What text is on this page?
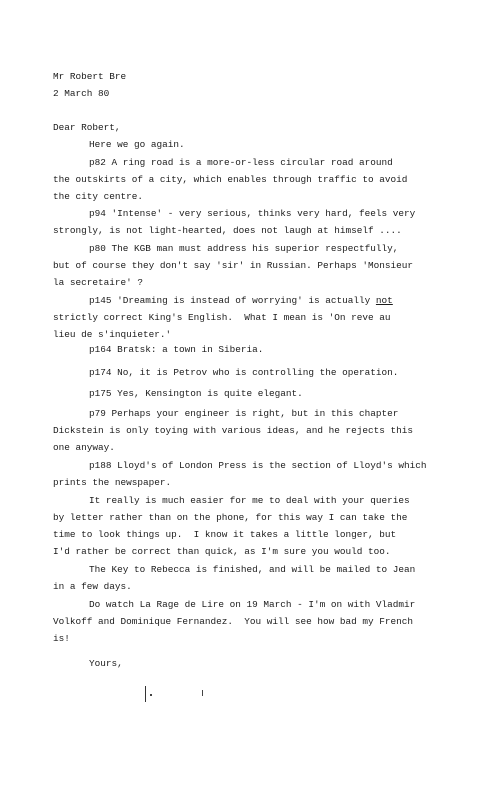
Mr Robert Bre
2 March 80
Dear Robert,
Here we go again.
p82 A ring road is a more-or-less circular road around
the outskirts of a city, which enables through traffic to avoid
the city centre.
p94 'Intense' - very serious, thinks very hard, feels very
strongly, is not light-hearted, does not laugh at himself ....
p80 The KGB man must address his superior respectfully,
but of course they don't say 'sir' in Russian. Perhaps 'Monsieur
la secretaire' ?
p145 'Dreaming is instead of worrying' is actually not
strictly correct King's English.  What I mean is 'On reve au
lieu de s'inquieter.'
p164 Bratsk: a town in Siberia.
p174 No, it is Petrov who is controlling the operation.
p175 Yes, Kensington is quite elegant.
p79 Perhaps your engineer is right, but in this chapter
Dickstein is only toying with various ideas, and he rejects this
one anyway.
p188 Lloyd's of London Press is the section of Lloyd's which
prints the newspaper.
It really is much easier for me to deal with your queries
by letter rather than on the phone, for this way I can take the
time to look things up.  I know it takes a little longer, but
I'd rather be correct than quick, as I'm sure you would too.
The Key to Rebecca is finished, and will be mailed to Jean
in a few days.
Do watch La Rage de Lire on 19 March - I'm on with Vladmir
Volkoff and Dominique Fernandez.  You will see how bad my French
is!
Yours,
